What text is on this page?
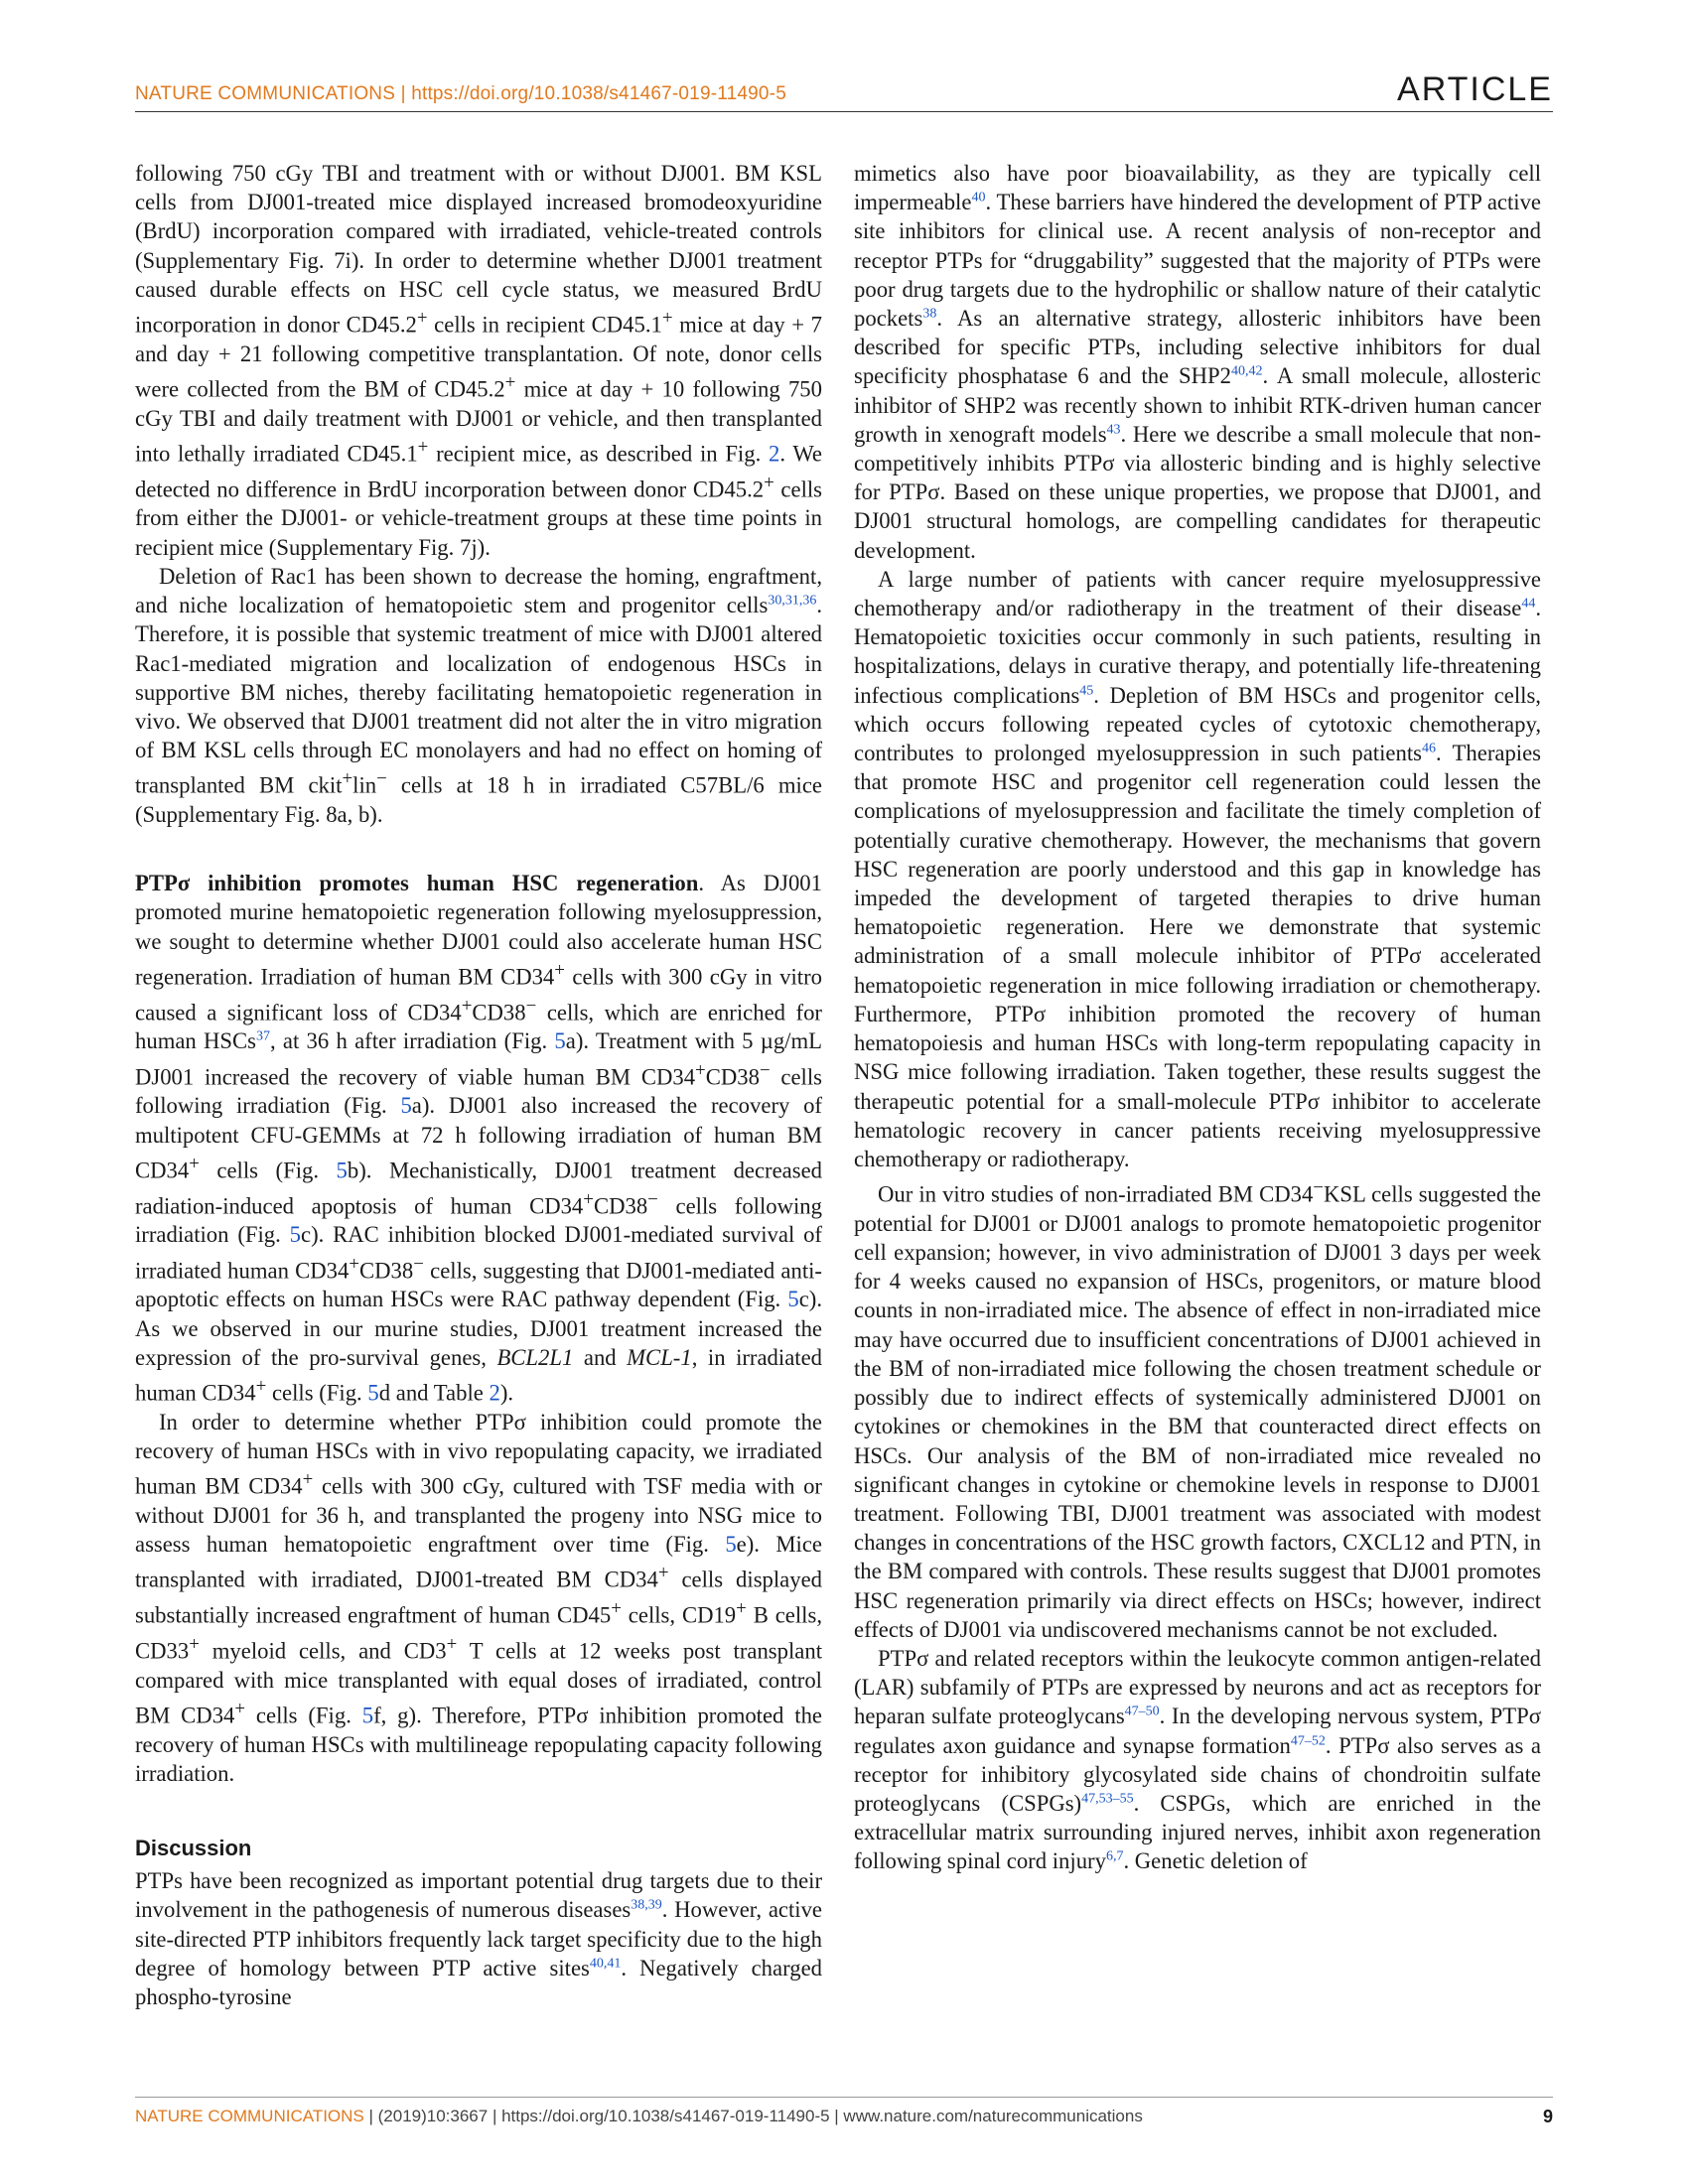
NATURE COMMUNICATIONS | https://doi.org/10.1038/s41467-019-11490-5	ARTICLE

following 750 cGy TBI and treatment with or without DJ001. BM KSL cells from DJ001-treated mice displayed increased bromodeoxyuridine (BrdU) incorporation compared with irradiated, vehicle-treated controls (Supplementary Fig. 7i). In order to determine whether DJ001 treatment caused durable effects on HSC cell cycle status, we measured BrdU incorporation in donor CD45.2+ cells in recipient CD45.1+ mice at day + 7 and day + 21 following competitive transplantation. Of note, donor cells were collected from the BM of CD45.2+ mice at day + 10 following 750 cGy TBI and daily treatment with DJ001 or vehicle, and then transplanted into lethally irradiated CD45.1+ recipient mice, as described in Fig. 2. We detected no difference in BrdU incorporation between donor CD45.2+ cells from either the DJ001- or vehicle-treatment groups at these time points in recipient mice (Supplementary Fig. 7j).

Deletion of Rac1 has been shown to decrease the homing, engraftment, and niche localization of hematopoietic stem and progenitor cells$^{30,31,36}$. Therefore, it is possible that systemic treatment of mice with DJ001 altered Rac1-mediated migration and localization of endogenous HSCs in supportive BM niches, thereby facilitating hematopoietic regeneration in vivo. We observed that DJ001 treatment did not alter the in vitro migration of BM KSL cells through EC monolayers and had no effect on homing of transplanted BM ckit+lin− cells at 18 h in irradiated C57BL/6 mice (Supplementary Fig. 8a, b).

PTPσ inhibition promotes human HSC regeneration. As DJ001 promoted murine hematopoietic regeneration following myelosuppression, we sought to determine whether DJ001 could also accelerate human HSC regeneration. Irradiation of human BM CD34+ cells with 300 cGy in vitro caused a significant loss of CD34+CD38− cells, which are enriched for human HSCs$^{37}$, at 36 h after irradiation (Fig. 5a). Treatment with 5 µg/mL DJ001 increased the recovery of viable human BM CD34+CD38− cells following irradiation (Fig. 5a). DJ001 also increased the recovery of multipotent CFU-GEMMs at 72 h following irradiation of human BM CD34+ cells (Fig. 5b). Mechanistically, DJ001 treatment decreased radiation-induced apoptosis of human CD34+CD38− cells following irradiation (Fig. 5c). RAC inhibition blocked DJ001-mediated survival of irradiated human CD34+CD38− cells, suggesting that DJ001-mediated anti-apoptotic effects on human HSCs were RAC pathway dependent (Fig. 5c). As we observed in our murine studies, DJ001 treatment increased the expression of the pro-survival genes, BCL2L1 and MCL-1, in irradiated human CD34+ cells (Fig. 5d and Table 2).

In order to determine whether PTPσ inhibition could promote the recovery of human HSCs with in vivo repopulating capacity, we irradiated human BM CD34+ cells with 300 cGy, cultured with TSF media with or without DJ001 for 36 h, and transplanted the progeny into NSG mice to assess human hematopoietic engraftment over time (Fig. 5e). Mice transplanted with irradiated, DJ001-treated BM CD34+ cells displayed substantially increased engraftment of human CD45+ cells, CD19+ B cells, CD33+ myeloid cells, and CD3+ T cells at 12 weeks post transplant compared with mice transplanted with equal doses of irradiated, control BM CD34+ cells (Fig. 5f, g). Therefore, PTPσ inhibition promoted the recovery of human HSCs with multilineage repopulating capacity following irradiation.

Discussion

PTPs have been recognized as important potential drug targets due to their involvement in the pathogenesis of numerous diseases$^{38,39}$. However, active site-directed PTP inhibitors frequently lack target specificity due to the high degree of homology between PTP active sites$^{40,41}$. Negatively charged phospho-tyrosine

mimetics also have poor bioavailability, as they are typically cell impermeable$^{40}$. These barriers have hindered the development of PTP active site inhibitors for clinical use. A recent analysis of non-receptor and receptor PTPs for “druggability” suggested that the majority of PTPs were poor drug targets due to the hydrophilic or shallow nature of their catalytic pockets$^{38}$. As an alternative strategy, allosteric inhibitors have been described for specific PTPs, including selective inhibitors for dual specificity phosphatase 6 and the SHP2$^{40,42}$. A small molecule, allosteric inhibitor of SHP2 was recently shown to inhibit RTK-driven human cancer growth in xenograft models$^{43}$. Here we describe a small molecule that non-competitively inhibits PTPσ via allosteric binding and is highly selective for PTPσ. Based on these unique properties, we propose that DJ001, and DJ001 structural homologs, are compelling candidates for therapeutic development.

A large number of patients with cancer require myelosuppressive chemotherapy and/or radiotherapy in the treatment of their disease$^{44}$. Hematopoietic toxicities occur commonly in such patients, resulting in hospitalizations, delays in curative therapy, and potentially life-threatening infectious complications$^{45}$. Depletion of BM HSCs and progenitor cells, which occurs following repeated cycles of cytotoxic chemotherapy, contributes to prolonged myelosuppression in such patients$^{46}$. Therapies that promote HSC and progenitor cell regeneration could lessen the complications of myelosuppression and facilitate the timely completion of potentially curative chemotherapy. However, the mechanisms that govern HSC regeneration are poorly understood and this gap in knowledge has impeded the development of targeted therapies to drive human hematopoietic regeneration. Here we demonstrate that systemic administration of a small molecule inhibitor of PTPσ accelerated hematopoietic regeneration in mice following irradiation or chemotherapy. Furthermore, PTPσ inhibition promoted the recovery of human hematopoiesis and human HSCs with long-term repopulating capacity in NSG mice following irradiation. Taken together, these results suggest the therapeutic potential for a small-molecule PTPσ inhibitor to accelerate hematologic recovery in cancer patients receiving myelosuppressive chemotherapy or radiotherapy.

Our in vitro studies of non-irradiated BM CD34−KSL cells suggested the potential for DJ001 or DJ001 analogs to promote hematopoietic progenitor cell expansion; however, in vivo administration of DJ001 3 days per week for 4 weeks caused no expansion of HSCs, progenitors, or mature blood counts in non-irradiated mice. The absence of effect in non-irradiated mice may have occurred due to insufficient concentrations of DJ001 achieved in the BM of non-irradiated mice following the chosen treatment schedule or possibly due to indirect effects of systemically administered DJ001 on cytokines or chemokines in the BM that counteracted direct effects on HSCs. Our analysis of the BM of non-irradiated mice revealed no significant changes in cytokine or chemokine levels in response to DJ001 treatment. Following TBI, DJ001 treatment was associated with modest changes in concentrations of the HSC growth factors, CXCL12 and PTN, in the BM compared with controls. These results suggest that DJ001 promotes HSC regeneration primarily via direct effects on HSCs; however, indirect effects of DJ001 via undiscovered mechanisms cannot be not excluded.

PTPσ and related receptors within the leukocyte common antigen-related (LAR) subfamily of PTPs are expressed by neurons and act as receptors for heparan sulfate proteoglycans$^{47-50}$. In the developing nervous system, PTPσ regulates axon guidance and synapse formation$^{47-52}$. PTPσ also serves as a receptor for inhibitory glycosylated side chains of chondroitin sulfate proteoglycans (CSPGs)$^{47,53-55}$. CSPGs, which are enriched in the extracellular matrix surrounding injured nerves, inhibit axon regeneration following spinal cord injury$^{6,7}$. Genetic deletion of

NATURE COMMUNICATIONS | (2019)10:3667 | https://doi.org/10.1038/s41467-019-11490-5 | www.nature.com/naturecommunications	9
